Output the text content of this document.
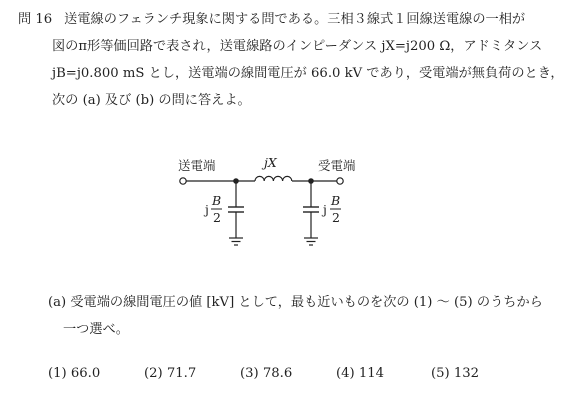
問 16 送電線のフェランチ現象に関する問である。三相３線式１回線送電線の一相が
図のπ形等価回路で表され，送電線路のインピーダンス jX=j200 Ω，アドミタンス
jB=j0.800 mS とし，送電端の線間電圧が 66.0 kV であり，受電端が無負荷のとき，
次の (a) 及び (b) の問に答えよ。
送電端	受電端
jX
j
B
2
j
B
2
(a) 受電端の線間電圧の値 [kV] として，最も近いものを次の (1) ～ (5) のうちから
一つ選べ。
(1) 66.0	(2) 71.7	(3) 78.6	(4) 114	(5) 132
